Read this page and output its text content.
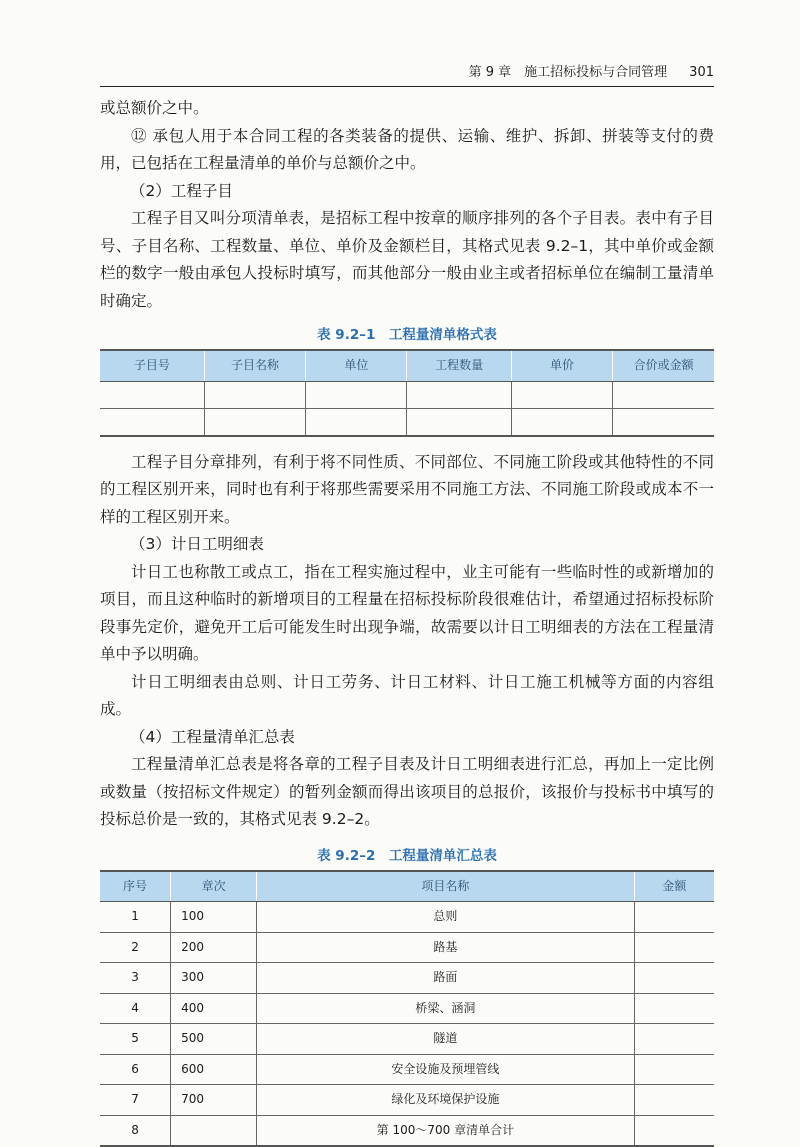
第 9 章　施工招标投标与合同管理 301

或总额价之中。

⑫ 承包人用于本合同工程的各类装备的提供、运输、维护、拆卸、拼装等支付的费用，已包括在工程量清单的单价与总额价之中。

（2）工程子目

工程子目又叫分项清单表，是招标工程中按章的顺序排列的各个子目表。表中有子目号、子目名称、工程数量、单位、单价及金额栏目，其格式见表 9.2–1，其中单价或金额栏的数字一般由承包人投标时填写，而其他部分一般由业主或者招标单位在编制工量清单时确定。

表 9.2–1　工程量清单格式表

子目号	子目名称	单位	工程数量	单价	合价或金额

工程子目分章排列，有利于将不同性质、不同部位、不同施工阶段或其他特性的不同的工程区别开来，同时也有利于将那些需要采用不同施工方法、不同施工阶段或成本不一样的工程区别开来。

（3）计日工明细表

计日工也称散工或点工，指在工程实施过程中，业主可能有一些临时性的或新增加的项目，而且这种临时的新增项目的工程量在招标投标阶段很难估计，希望通过招标投标阶段事先定价，避免开工后可能发生时出现争端，故需要以计日工明细表的方法在工程量清单中予以明确。

计日工明细表由总则、计日工劳务、计日工材料、计日工施工机械等方面的内容组成。

（4）工程量清单汇总表

工程量清单汇总表是将各章的工程子目表及计日工明细表进行汇总，再加上一定比例或数量（按招标文件规定）的暂列金额而得出该项目的总报价，该报价与投标书中填写的投标总价是一致的，其格式见表 9.2–2。

表 9.2–2　工程量清单汇总表

序号	章次	项目名称	金额
1	100	总则	
2	200	路基	
3	300	路面	
4	400	桥梁、涵洞	
5	500	隧道	
6	600	安全设施及预埋管线	
7	700	绿化及环境保护设施	
8		第 100～700 章清单合计	
